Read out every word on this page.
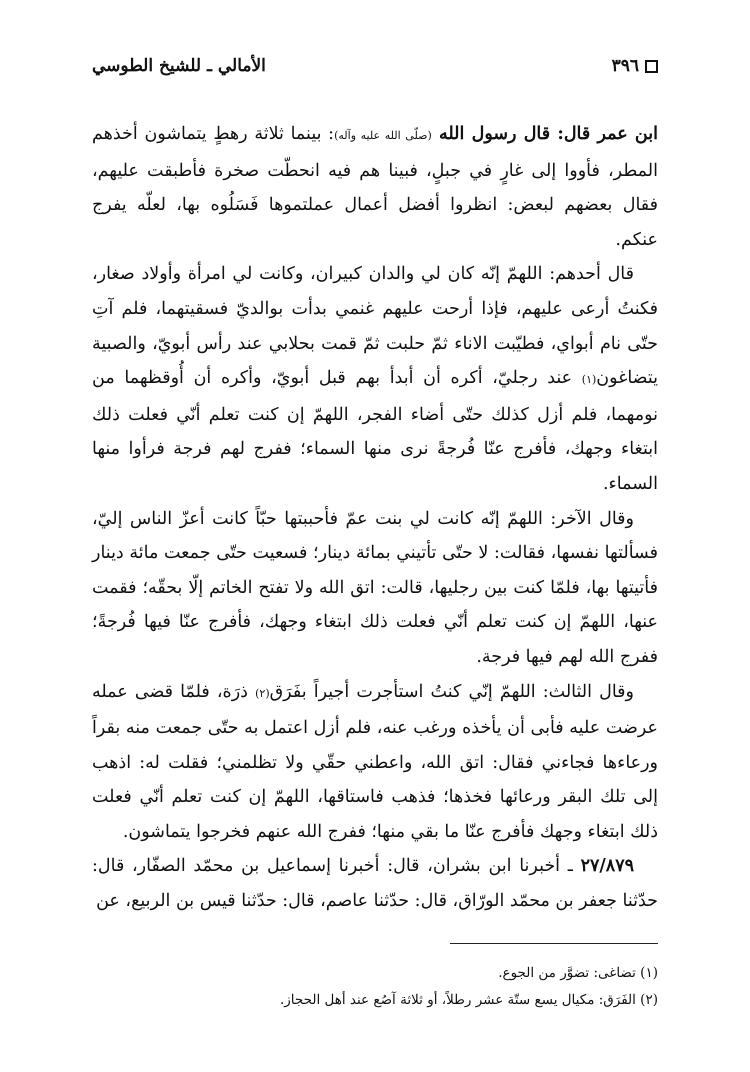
٣٩٦
الأمالي ـ للشيخ الطوسي

ابن عمر قال: قال رسول الله (صلّى الله عليه وآله): بينما ثلاثة رهطٍ يتماشون أخذهم المطر، فأووا إلى غارٍ في جبلٍ، فبينا هم فيه انحطّت صخرة فأطبقت عليهم، فقال بعضهم لبعض: انظروا أفضل أعمال عملتموها فَسَلُوه بها، لعلّه يفرج عنكم.

قال أحدهم: اللهمّ إنّه كان لي والدان كبيران، وكانت لي امرأة وأولاد صغار، فكنتُ أرعى عليهم، فإذا أرحت عليهم غنمي بدأت بوالديّ فسقيتهما، فلم آتِ حتّى نام أبواي، فطيّبت الاناء ثمّ حلبت ثمّ قمت بحلابي عند رأس أبويّ، والصبية يتضاغون(١) عند رجليّ، أكره أن أبدأ بهم قبل أبويّ، وأكره أن أُوقظهما من نومهما، فلم أزل كذلك حتّى أضاء الفجر، اللهمّ إن كنت تعلم أنّي فعلت ذلك ابتغاء وجهك، فأفرج عنّا فُرجةً نرى منها السماء؛ ففرج لهم فرجة فرأوا منها السماء.

وقال الآخر: اللهمّ إنّه كانت لي بنت عمّ فأحببتها حبّاً كانت أعزّ الناس إليّ، فسألتها نفسها، فقالت: لا حتّى تأتيني بمائة دينار؛ فسعيت حتّى جمعت مائة دينار فأتيتها بها، فلمّا كنت بين رجليها، قالت: اتق الله ولا تفتح الخاتم إلّا بحقّه؛ فقمت عنها، اللهمّ إن كنت تعلم أنّي فعلت ذلك ابتغاء وجهك، فأفرج عنّا فيها فُرجةً؛ ففرج الله لهم فيها فرجة.

وقال الثالث: اللهمّ إنّي كنتُ استأجرت أجيراً بفَرَق(٢) ذرَة، فلمّا قضى عمله عرضت عليه فأبى أن يأخذه ورغب عنه، فلم أزل اعتمل به حتّى جمعت منه بقراً ورعاءها فجاءني فقال: اتق الله، واعطني حقّي ولا تظلمني؛ فقلت له: اذهب إلى تلك البقر ورعائها فخذها؛ فذهب فاستاقها، اللهمّ إن كنت تعلم أنّي فعلت ذلك ابتغاء وجهك فأفرج عنّا ما بقي منها؛ ففرج الله عنهم فخرجوا يتماشون.

٢٧/٨٧٩ ـ أخبرنا ابن بشران، قال: أخبرنا إسماعيل بن محمّد الصفّار، قال: حدّثنا جعفر بن محمّد الورّاق، قال: حدّثنا عاصم، قال: حدّثنا قيس بن الربيع، عن

(١) تضاغى: تضوَّر من الجوع.
(٢) الفَرَق: مكيال يسع ستّة عشر رطلاً، أو ثلاثة آصُع عند أهل الحجاز.
